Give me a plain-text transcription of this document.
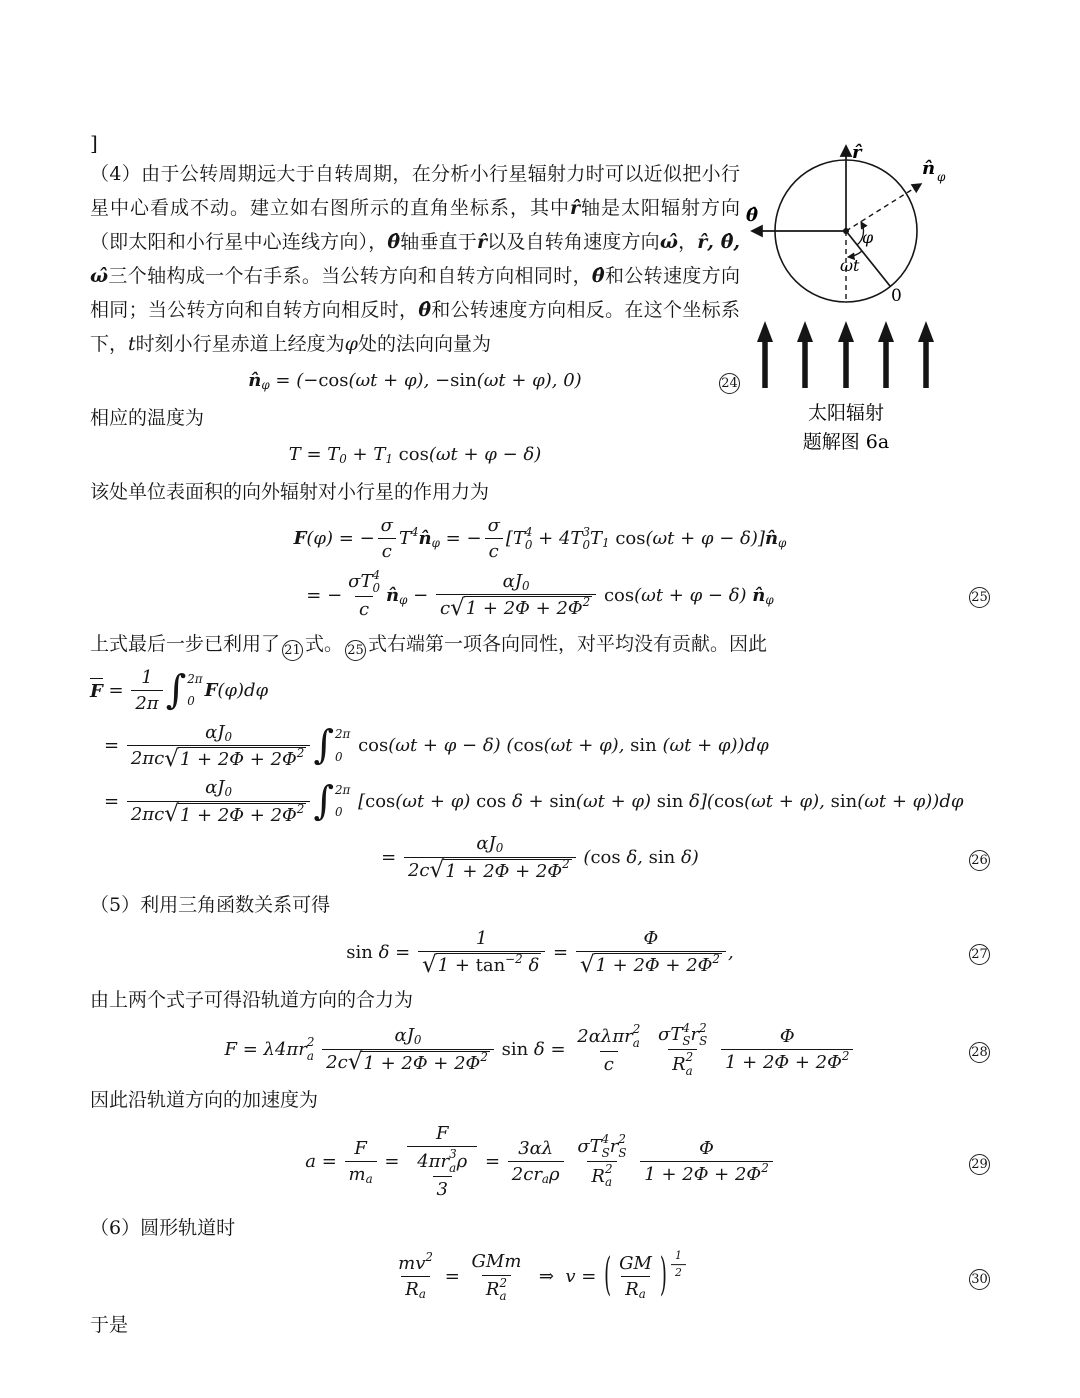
r̂
θ̂
n̂ φ
φ
ωt
0
太阳辐射
题解图 6a
]

（4）由于公转周期远大于自转周期，在分析小行星辐射力时可以近似把小行星中心看成不动。建立如右图所示的直角坐标系，其中r̂轴是太阳辐射方向（即太阳和小行星中心连线方向），θ̂轴垂直于r̂以及自转角速度方向ω̂，r̂, θ̂, ω̂三个轴构成一个右手系。当公转方向和自转方向相同时，θ̂和公转速度方向相同；当公转方向和自转方向相反时，θ̂和公转速度方向相反。在这个坐标系下，t时刻小行星赤道上经度为φ处的法向向量为

n̂ φ = (− cos (ωt + φ), − sin (ωt + φ), 0)	24

相应的温度为

T = T 0 + T 1
cos (ωt + φ − δ)

该处单位表面积的向外辐射对小行星的作用力为

F (φ) = − $\frac{\sigma}{c}$ T 4 n̂ φ = − $\frac{\sigma}{c} [T$ 4
0 + 4T 3
0 T 1
cos (ωt + φ − δ)] n̂ φ
= − σT 4
0
c n̂ $\varphi - \frac{\alpha J 0}{c √ 1 + 2\Phi + 2\Phi 2}$
cos (ωt + φ − δ) n̂ φ	25

上式最后一步已利用了 21 式。 25 式右端第一项各向同性，对平均没有贡献。因此

$F = \frac{1}{2\pi}$ ∫ 2π
0
F (φ)dφ
= $\frac{\alpha J 0}{2\pi c √ 1 + 2\Phi + 2\Phi 2}$ ∫ 2π
0

cos (ωt + φ − δ) ( cos (ωt + φ), sin (ωt + φ))dφ
= $\frac{\alpha J 0}{2\pi c √ 1 + 2\Phi + 2\Phi 2}$ ∫ 2π
0
[ cos (ωt + φ) cos δ + sin (ωt + φ) sin δ]( cos (ωt + φ), sin (ωt + φ))dφ
= $\frac{\alpha J 0}{2c √ 1 + 2\Phi + 2\Phi 2}$ ( cos δ, sin δ)	26

（5）利用三角函数关系可得

$\sin \delta = \frac{1}{√ 1 + \tan -2 \delta} = \frac{\Phi}{√ 1 + 2\Phi + 2\Phi 2}$ ,	27

由上两个式子可得沿轨道方向的合力为

F = λ4πr 2
a

αJ 0
2c √ 1 + 2Φ + 2Φ 2
sin δ =
2αλπr 2
a
c

σT 4
S r 2
S
R 2
a

Φ
1 + 2Φ + 2Φ 2	28

因此沿轨道方向的加速度为

$a = \frac{F}{\text{m a}} = F$
4πr 3
a ρ
3 =
3αλ
2cr a ρ

σT 4
S r 2
S
R 2
a

Φ
1 + 2Φ + 2Φ 2	29

（6）圆形轨道时

$\frac{mv 2}{\text{R a}}$ =
GMm
R 2
a
⇒ v = ( GM
R a ) $\frac{1}{2}$	30

于是
